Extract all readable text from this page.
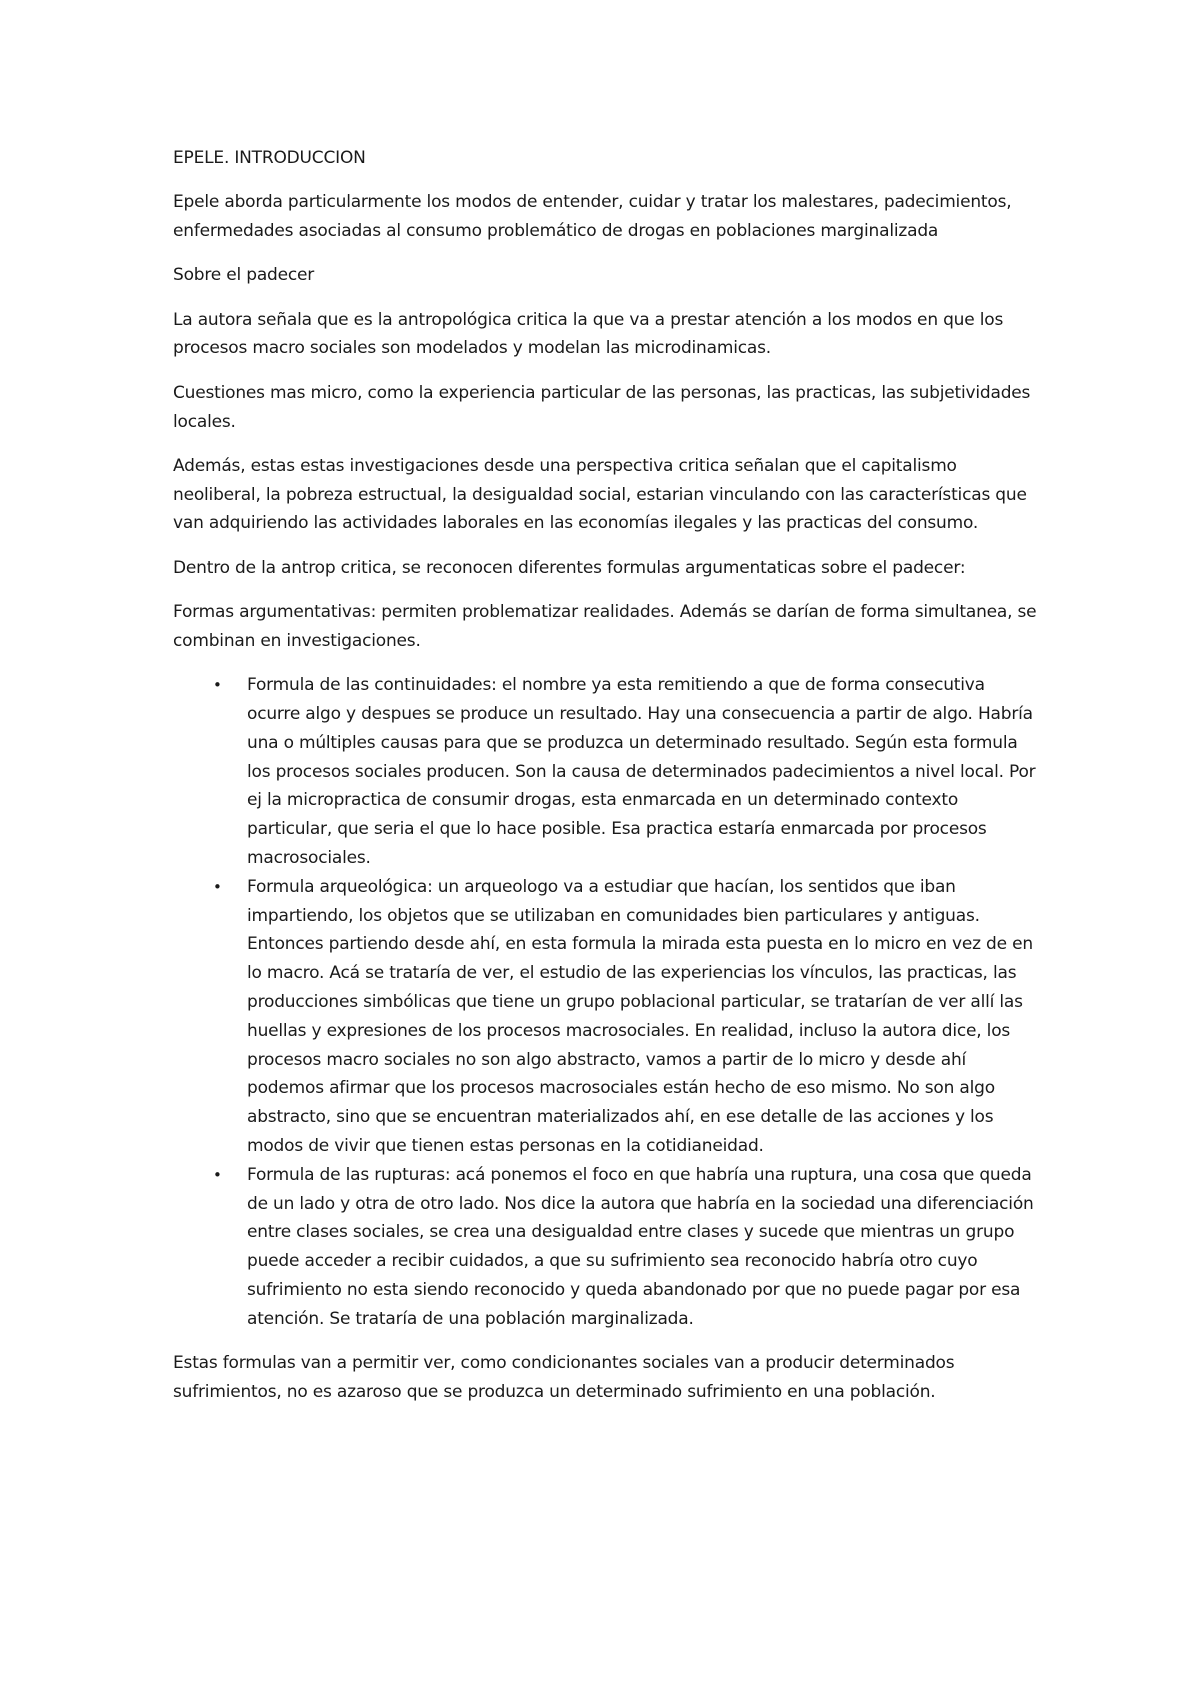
EPELE. INTRODUCCION

Epele aborda particularmente los modos de entender, cuidar y tratar los malestares, padecimientos, enfermedades asociadas al consumo problemático de drogas en poblaciones marginalizada

Sobre el padecer

La autora señala que es la antropológica critica la que va a prestar atención a los modos en que los procesos macro sociales son modelados y modelan las microdinamicas.

Cuestiones mas micro, como la experiencia particular de las personas, las practicas, las subjetividades locales.

Además, estas estas investigaciones desde una perspectiva critica señalan que el capitalismo neoliberal, la pobreza estructual, la desigualdad social, estarian vinculando con las características que van adquiriendo las actividades laborales en las economías ilegales y las practicas del consumo.

Dentro de la antrop critica, se reconocen diferentes formulas argumentaticas sobre el padecer:

Formas argumentativas: permiten problematizar realidades. Además se darían de forma simultanea, se combinan en investigaciones.

• Formula de las continuidades: el nombre ya esta remitiendo a que de forma consecutiva ocurre algo y despues se produce un resultado. Hay una consecuencia a partir de algo. Habría una o múltiples causas para que se produzca un determinado resultado. Según esta formula los procesos sociales producen. Son la causa de determinados padecimientos a nivel local. Por ej la micropractica de consumir drogas, esta enmarcada en un determinado contexto particular, que seria el que lo hace posible. Esa practica estaría enmarcada por procesos macrosociales.
• Formula arqueológica: un arqueologo va a estudiar que hacían, los sentidos que iban impartiendo, los objetos que se utilizaban en comunidades bien particulares y antiguas. Entonces partiendo desde ahí, en esta formula la mirada esta puesta en lo micro en vez de en lo macro. Acá se trataría de ver, el estudio de las experiencias los vínculos, las practicas, las producciones simbólicas que tiene un grupo poblacional particular, se tratarían de ver allí las huellas y expresiones de los procesos macrosociales. En realidad, incluso la autora dice, los procesos macro sociales no son algo abstracto, vamos a partir de lo micro y desde ahí podemos afirmar que los procesos macrosociales están hecho de eso mismo. No son algo abstracto, sino que se encuentran materializados ahí, en ese detalle de las acciones y los modos de vivir que tienen estas personas en la cotidianeidad.
• Formula de las rupturas: acá ponemos el foco en que habría una ruptura, una cosa que queda de un lado y otra de otro lado. Nos dice la autora que habría en la sociedad una diferenciación entre clases sociales, se crea una desigualdad entre clases y sucede que mientras un grupo puede acceder a recibir cuidados, a que su sufrimiento sea reconocido habría otro cuyo sufrimiento no esta siendo reconocido y queda abandonado por que no puede pagar por esa atención. Se trataría de una población marginalizada.

Estas formulas van a permitir ver, como condicionantes sociales van a producir determinados sufrimientos, no es azaroso que se produzca un determinado sufrimiento en una población.
